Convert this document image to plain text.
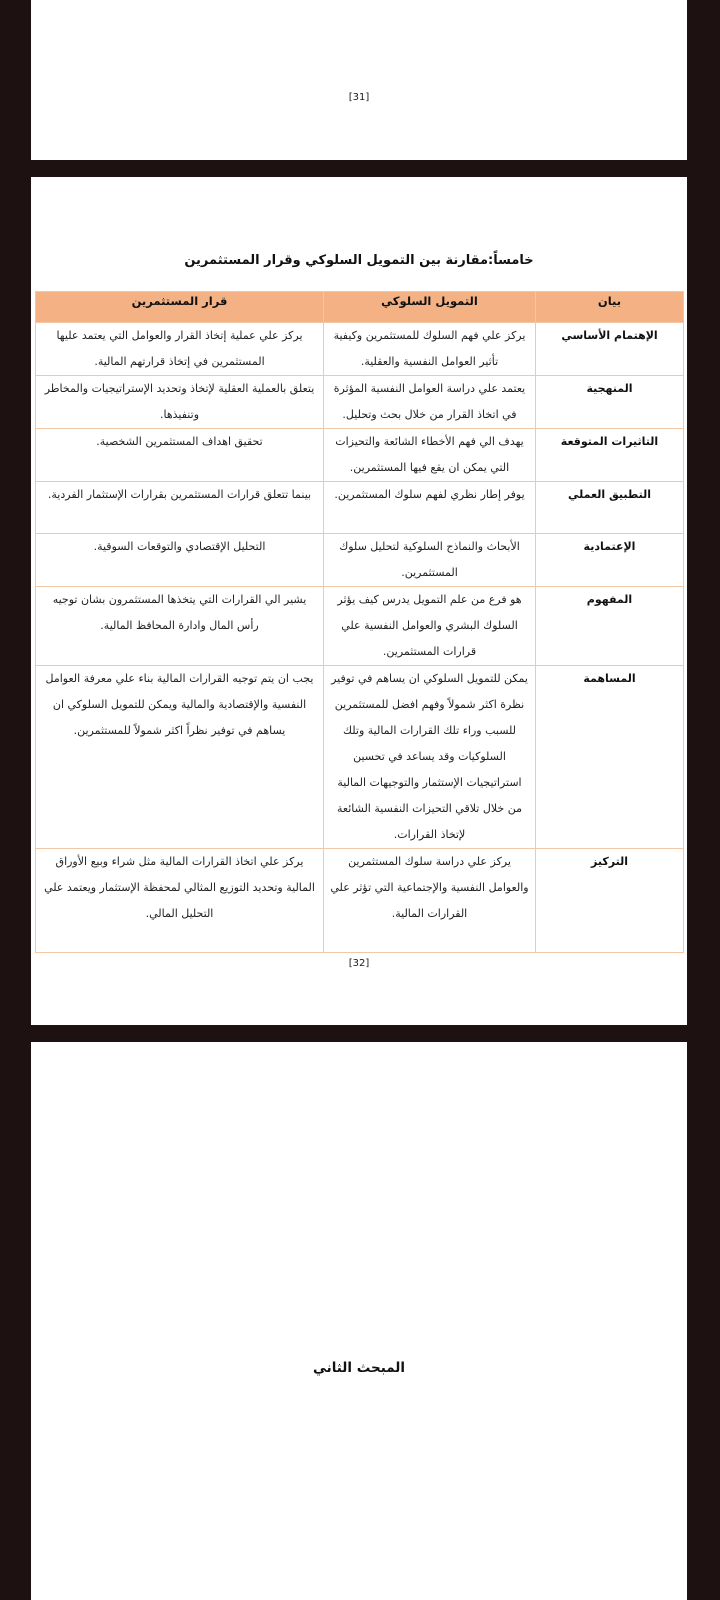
[31]
خامساً:مقارنة بين التمويل السلوكي وقرار المستثمرين
بيان	التمويل السلوكي	قرار المستثمرين
الإهتمام الأساسي	يركز علي فهم السلوك للمستثمرين وكيفية تأثير العوامل النفسية والعقلية.	يركز علي عملية إتخاذ القرار والعوامل التي يعتمد عليها المستثمرين في إتخاذ قرارتهم المالية.
المنهجية	يعتمد علي دراسة العوامل النفسية المؤثرة في اتخاذ القرار من خلال بحث وتحليل.	يتعلق بالعملية العقلية لإتخاذ وتحديد الإستراتيجيات والمخاطر وتنفيذها.
التاثيرات المتوقعة	يهدف الي فهم الأخطاء الشائعة والتحيزات التي يمكن ان يقع فيها المستثمرين.	تحقيق اهداف المستثمرين الشخصية.
التطبيق العملي	يوفر إطار نظري لفهم سلوك المستثمرين.	بينما تتعلق قرارات المستثمرين بقرارات الإستثمار الفردية.
الإعتمادية	الأبحاث والنماذج السلوكية لتحليل سلوك المستثمرين.	التحليل الإقتصادي والتوقعات السوقية.
المفهوم	هو فرع من علم التمويل يدرس كيف يؤثر السلوك البشري والعوامل النفسية علي قرارات المستثمرين.	يشير الي القرارات التي يتخذها المستثمرون بشان توجيه رأس المال وادارة المحافظ المالية.
المساهمة	يمكن للتمويل السلوكي ان يساهم في توفير نظرة اكثر شمولاً وفهم افضل للمستثمرين للسبب وراء تلك القرارات المالية وتلك السلوكيات وقد يساعد في تحسين استراتيجيات الإستثمار والتوجيهات المالية من خلال تلاقي التحيزات النفسية الشائعة لإتخاذ القرارات.	يجب ان يتم توجيه القرارات المالية بناء علي معرفة العوامل النفسية والإقتصادية والمالية ويمكن للتمويل السلوكي ان يساهم في توفير نظراً اكثر شمولاً للمستثمرين.
التركيز	يركز علي دراسة سلوك المستثمرين والعوامل النفسية والإجتماعية التي تؤثر علي القرارات المالية.	يركز علي اتخاذ القرارات المالية مثل شراء وبيع الأوراق المالية وتحديد التوزيع المثالي لمحفظة الإستثمار ويعتمد علي التحليل المالي.
[32]
المبحث الثاني
